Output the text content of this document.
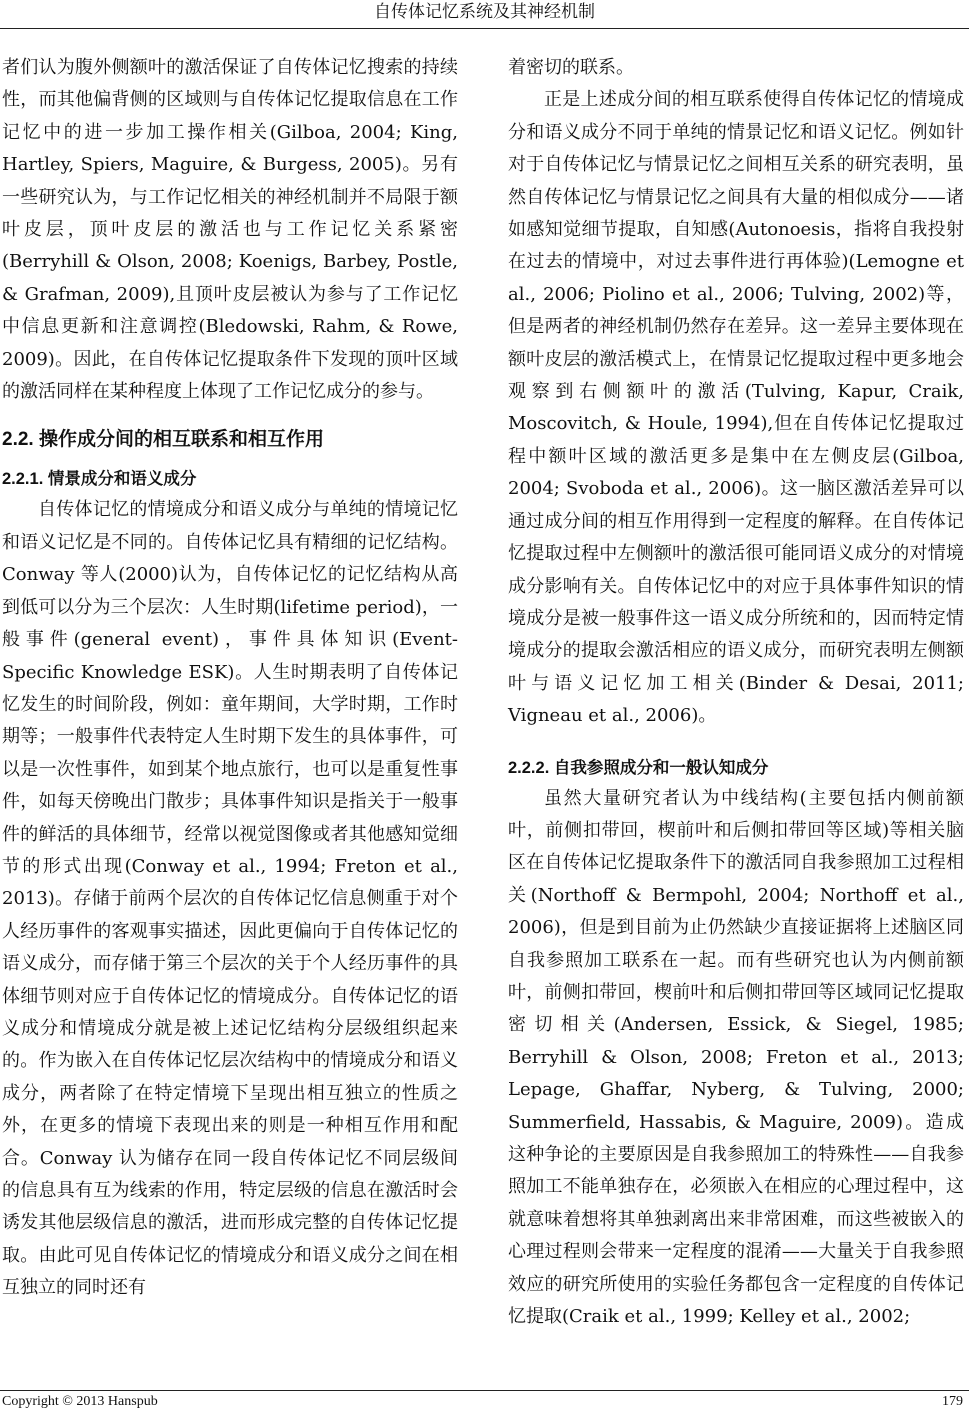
自传体记忆系统及其神经机制

者们认为腹外侧额叶的激活保证了自传体记忆搜索的持续性，而其他偏背侧的区域则与自传体记忆提取信息在工作记忆中的进一步加工操作相关(Gilboa, 2004; King, Hartley, Spiers, Maguire, & Burgess, 2005)。另有一些研究认为，与工作记忆相关的神经机制并不局限于额叶皮层，顶叶皮层的激活也与工作记忆关系紧密(Berryhill & Olson, 2008; Koenigs, Barbey, Postle, & Grafman, 2009),且顶叶皮层被认为参与了工作记忆中信息更新和注意调控(Bledowski, Rahm, & Rowe, 2009)。因此，在自传体记忆提取条件下发现的顶叶区域的激活同样在某种程度上体现了工作记忆成分的参与。

2.2. 操作成分间的相互联系和相互作用
2.2.1. 情景成分和语义成分

自传体记忆的情境成分和语义成分与单纯的情境记忆和语义记忆是不同的。自传体记忆具有精细的记忆结构。Conway 等人(2000)认为，自传体记忆的记忆结构从高到低可以分为三个层次：人生时期(lifetime period)，一般事件(general event)，事件具体知识(Event-Specific Knowledge ESK)。人生时期表明了自传体记忆发生的时间阶段，例如：童年期间，大学时期，工作时期等；一般事件代表特定人生时期下发生的具体事件，可以是一次性事件，如到某个地点旅行，也可以是重复性事件，如每天傍晚出门散步；具体事件知识是指关于一般事件的鲜活的具体细节，经常以视觉图像或者其他感知觉细节的形式出现(Conway et al., 1994; Freton et al., 2013)。存储于前两个层次的自传体记忆信息侧重于对个人经历事件的客观事实描述，因此更偏向于自传体记忆的语义成分，而存储于第三个层次的关于个人经历事件的具体细节则对应于自传体记忆的情境成分。自传体记忆的语义成分和情境成分就是被上述记忆结构分层级组织起来的。作为嵌入在自传体记忆层次结构中的情境成分和语义成分，两者除了在特定情境下呈现出相互独立的性质之外，在更多的情境下表现出来的则是一种相互作用和配合。Conway 认为储存在同一段自传体记忆不同层级间的信息具有互为线索的作用，特定层级的信息在激活时会诱发其他层级信息的激活，进而形成完整的自传体记忆提取。由此可见自传体记忆的情境成分和语义成分之间在相互独立的同时还有

着密切的联系。

正是上述成分间的相互联系使得自传体记忆的情境成分和语义成分不同于单纯的情景记忆和语义记忆。例如针对于自传体记忆与情景记忆之间相互关系的研究表明，虽然自传体记忆与情景记忆之间具有大量的相似成分——诸如感知觉细节提取，自知感(Autonoesis，指将自我投射在过去的情境中，对过去事件进行再体验)(Lemogne et al., 2006; Piolino et al., 2006; Tulving, 2002)等，但是两者的神经机制仍然存在差异。这一差异主要体现在额叶皮层的激活模式上，在情景记忆提取过程中更多地会观察到右侧额叶的激活(Tulving, Kapur, Craik, Moscovitch, & Houle, 1994),但在自传体记忆提取过程中额叶区域的激活更多是集中在左侧皮层(Gilboa, 2004; Svoboda et al., 2006)。这一脑区激活差异可以通过成分间的相互作用得到一定程度的解释。在自传体记忆提取过程中左侧额叶的激活很可能同语义成分的对情境成分影响有关。自传体记忆中的对应于具体事件知识的情境成分是被一般事件这一语义成分所统和的，因而特定情境成分的提取会激活相应的语义成分，而研究表明左侧额叶与语义记忆加工相关(Binder & Desai, 2011; Vigneau et al., 2006)。

2.2.2. 自我参照成分和一般认知成分

虽然大量研究者认为中线结构(主要包括内侧前额叶，前侧扣带回，楔前叶和后侧扣带回等区域)等相关脑区在自传体记忆提取条件下的激活同自我参照加工过程相关(Northoff & Bermpohl, 2004; Northoff et al., 2006)，但是到目前为止仍然缺少直接证据将上述脑区同自我参照加工联系在一起。而有些研究也认为内侧前额叶，前侧扣带回，楔前叶和后侧扣带回等区域同记忆提取密切相关(Andersen, Essick, & Siegel, 1985; Berryhill & Olson, 2008; Freton et al., 2013; Lepage, Ghaffar, Nyberg, & Tulving, 2000; Summerfield, Hassabis, & Maguire, 2009)。造成这种争论的主要原因是自我参照加工的特殊性——自我参照加工不能单独存在，必须嵌入在相应的心理过程中，这就意味着想将其单独剥离出来非常困难，而这些被嵌入的心理过程则会带来一定程度的混淆——大量关于自我参照效应的研究所使用的实验任务都包含一定程度的自传体记忆提取(Craik et al., 1999; Kelley et al., 2002;

Copyright © 2013 Hanspub	179
